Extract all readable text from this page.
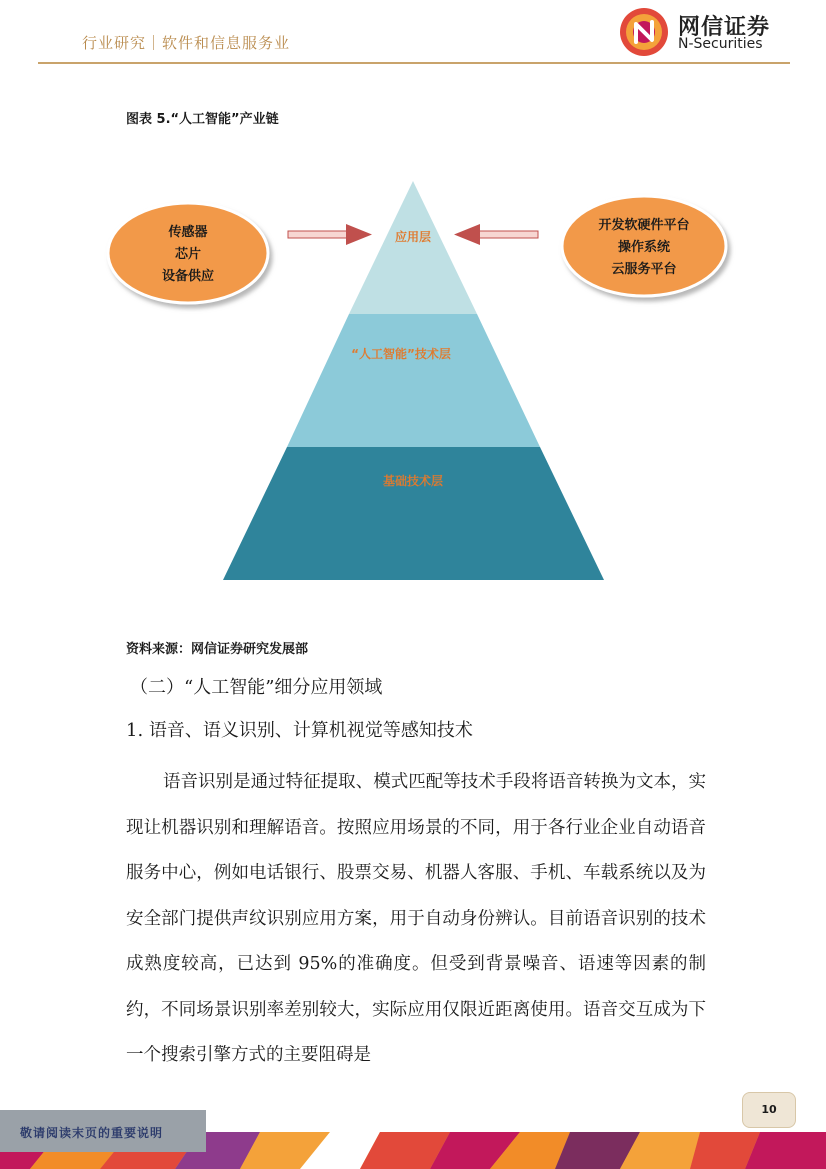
行业研究｜软件和信息服务业
网信证券
N-Securities
图表 5.“人工智能”产业链
应用层
“人工智能”技术层
基础技术层
传感器
芯片
设备供应
开发软硬件平台
操作系统
云服务平台
资料来源：网信证券研究发展部
（二）“人工智能”细分应用领域
1. 语音、语义识别、计算机视觉等感知技术
语音识别是通过特征提取、模式匹配等技术手段将语音转换为文本，实现让机器识别和理解语音。按照应用场景的不同，用于各行业企业自动语音服务中心，例如电话银行、股票交易、机器人客服、手机、车载系统以及为安全部门提供声纹识别应用方案，用于自动身份辨认。目前语音识别的技术成熟度较高，已达到 95%的准确度。但受到背景噪音、语速等因素的制约，不同场景识别率差别较大，实际应用仅限近距离使用。语音交互成为下一个搜索引擎方式的主要阻碍是
敬请阅读末页的重要说明
10
